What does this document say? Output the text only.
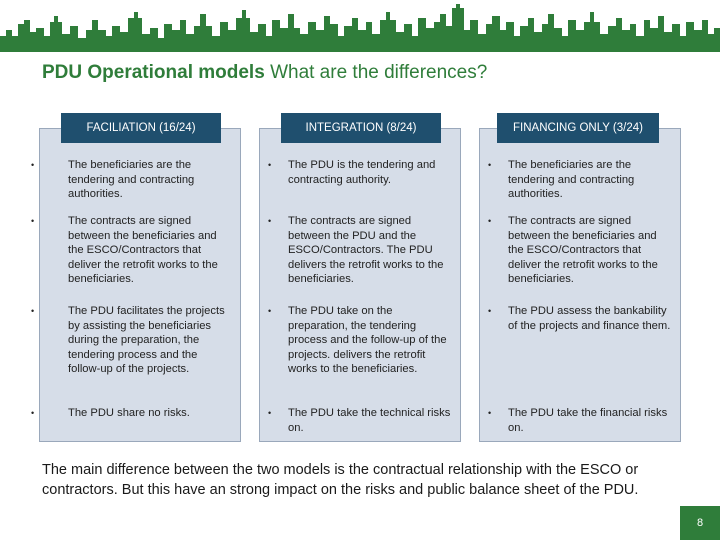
PDU Operational models What are the differences?
•	The beneficiaries are the tendering and contracting authorities.
•	The contracts are signed between the beneficiaries and the ESCO/Contractors that deliver the retrofit works to the beneficiaries.
•	The PDU facilitates the projects by assisting the beneficiaries during the preparation, the tendering process and the follow-up of the projects.
•	The PDU share no risks.
FACILIATION (16/24)
• The PDU is the tendering and contracting authority.
• The contracts are signed between the PDU and the ESCO/Contractors. The PDU delivers the retrofit works to the beneficiaries.
• The PDU take on the preparation, the tendering process and the follow-up of the projects. delivers the retrofit works to the beneficiaries.
• The PDU take the technical risks on.
INTEGRATION (8/24)
• The beneficiaries are the tendering and contracting authorities.
• The contracts are signed between the beneficiaries and the ESCO/Contractors that deliver the retrofit works to the beneficiaries.
• The PDU assess the bankability of the projects and finance them.
• The PDU take the financial risks on.
FINANCING ONLY (3/24)
The main difference between the two models is the contractual relationship with the ESCO or contractors. But this have an strong impact on the risks and public balance sheet of the PDU.
8
